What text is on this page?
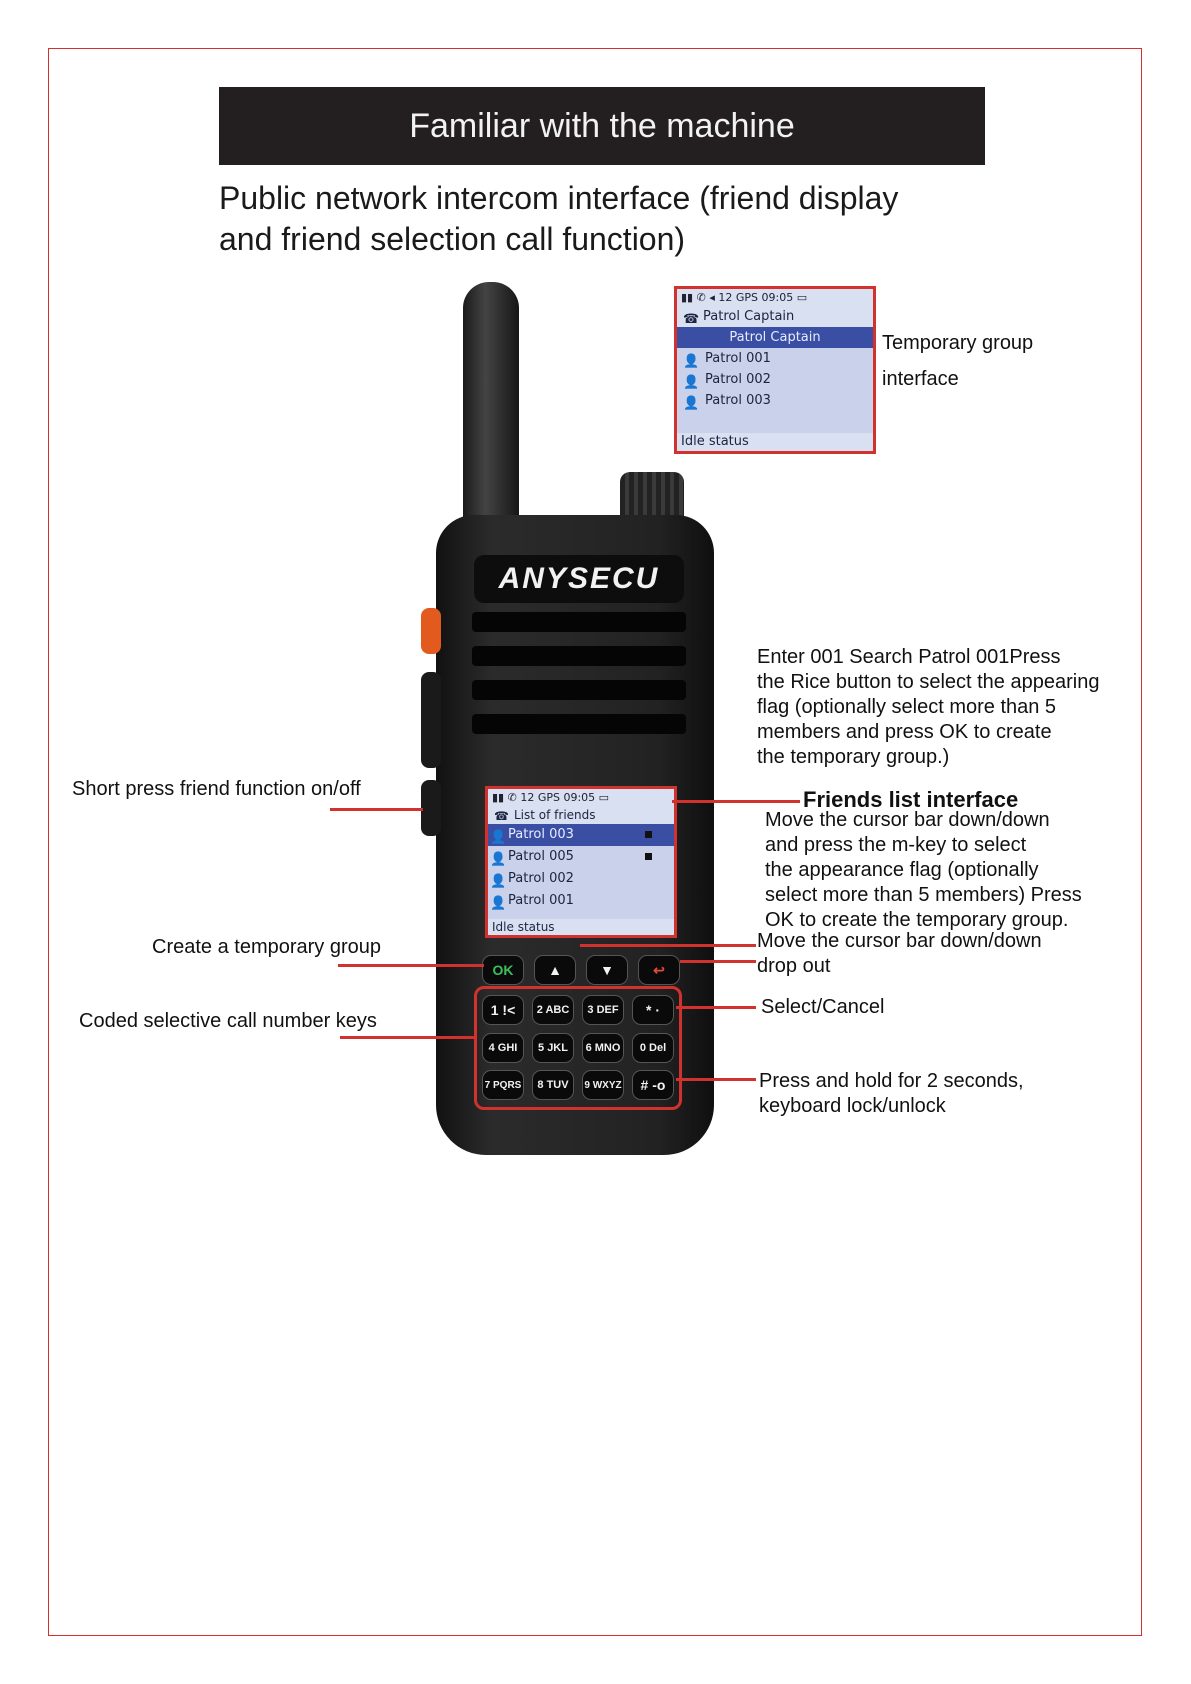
Familiar with the machine
Public network intercom interface (friend display
and friend selection call function)
▮▮ ✆ ◂ 12 GPS 09:05 ▭
☎ Patrol Captain
Patrol Captain
👤 Patrol 001
👤 Patrol 002
👤 Patrol 003
Idle status
Temporary group
interface
ANYSECU
▮▮ ✆ 12 GPS 09:05 ▭
☎ List of friends
👤 Patrol 003
👤 Patrol 005
👤 Patrol 002
👤 Patrol 001
Idle status
OK	▲	▼	↩
1 !<	2 ABC	3 DEF	* ·
4 GHI	5 JKL	6 MNO	0 Del
7 PQRS	8 TUV	9 WXYZ	# -o
Enter 001 Search Patrol 001Press
the Rice button to select the appearing
flag (optionally select more than 5
members and press OK to create
the temporary group.)
Friends list interface
Move the cursor bar down/down
and press the m-key to select
the appearance flag (optionally
select more than 5 members) Press
OK to create the temporary group.
Short press friend function on/off
Create a temporary group
Coded selective call number keys
Move the cursor bar down/down
drop out
Select/Cancel
Press and hold for 2 seconds,
keyboard lock/unlock
